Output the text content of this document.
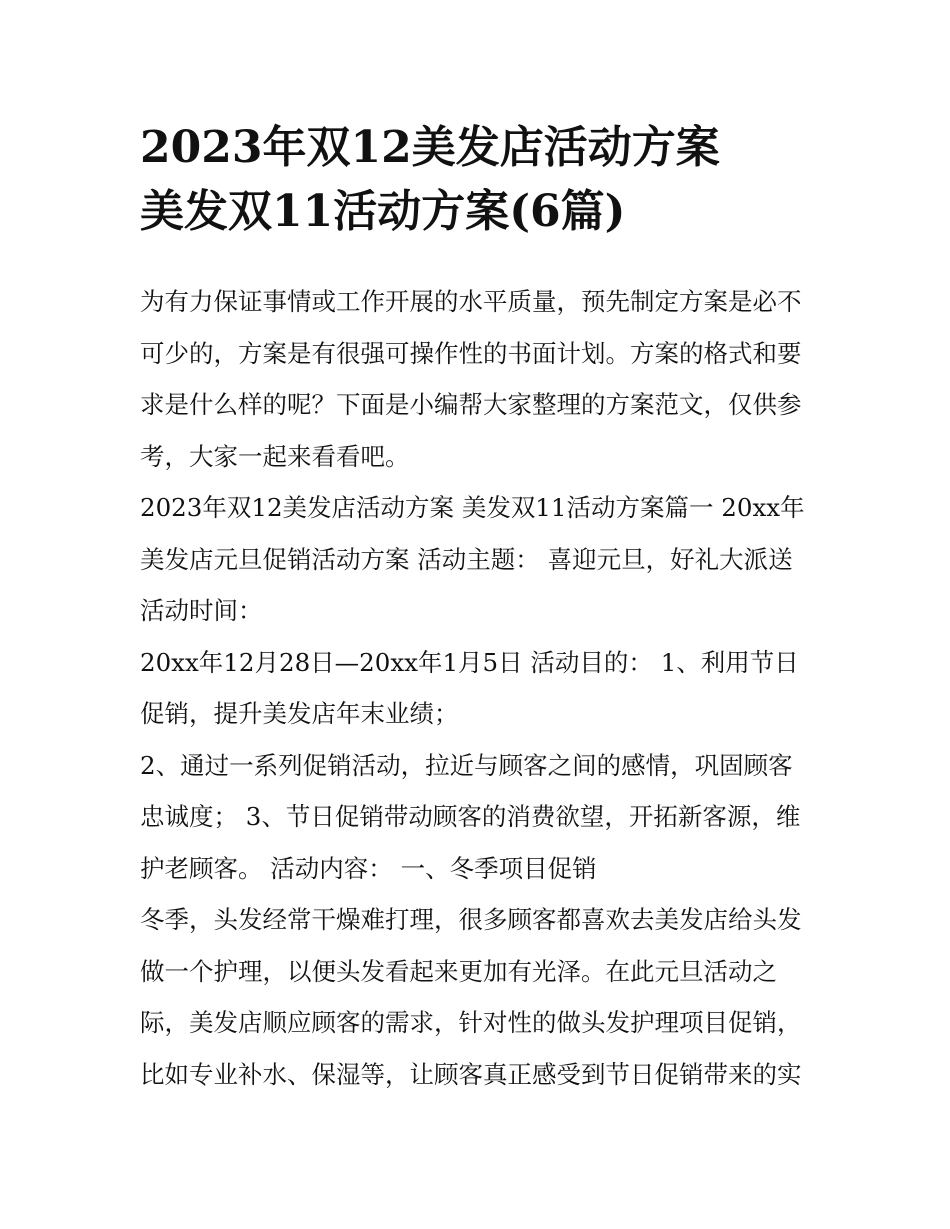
2023年双12美发店活动方案
美发双11活动方案(6篇)

为有力保证事情或工作开展的水平质量，预先制定方案是必不
可少的，方案是有很强可操作性的书面计划。方案的格式和要
求是什么样的呢？下面是小编帮大家整理的方案范文，仅供参
考，大家一起来看看吧。

2023年双12美发店活动方案 美发双11活动方案篇一 20xx年
美发店元旦促销活动方案 活动主题： 喜迎元旦，好礼大派送
活动时间：

20xx年12月28日—20xx年1月5日 活动目的： 1、利用节日
促销，提升美发店年末业绩；

2、通过一系列促销活动，拉近与顾客之间的感情，巩固顾客
忠诚度； 3、节日促销带动顾客的消费欲望，开拓新客源，维
护老顾客。 活动内容： 一、冬季项目促销

冬季，头发经常干燥难打理，很多顾客都喜欢去美发店给头发
做一个护理，以便头发看起来更加有光泽。在此元旦活动之
际，美发店顺应顾客的需求，针对性的做头发护理项目促销，
比如专业补水、保湿等，让顾客真正感受到节日促销带来的实
